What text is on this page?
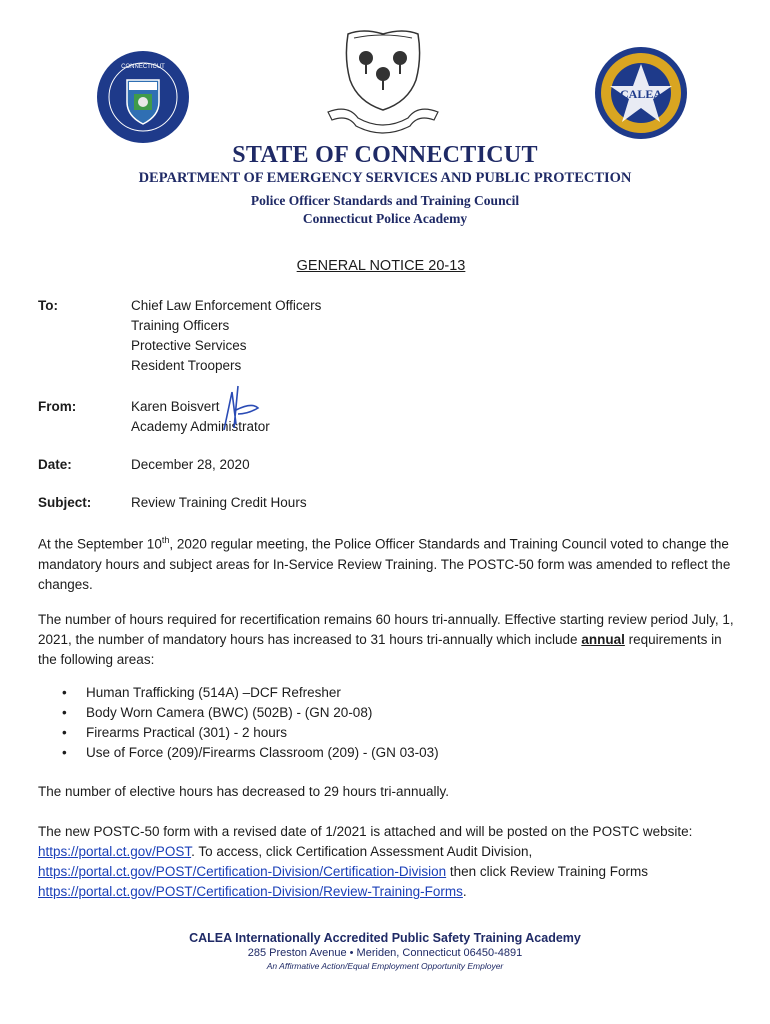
CONNECTICUT
CALEA
STATE OF CONNECTICUT
DEPARTMENT OF EMERGENCY SERVICES AND PUBLIC PROTECTION
Police Officer Standards and Training Council
Connecticut Police Academy
GENERAL NOTICE 20-13
To:	Chief Law Enforcement Officers
Training Officers
Protective Services
Resident Troopers
From:	Karen Boisvert
Academy Administrator
Date:	December 28, 2020
Subject:	Review Training Credit Hours

At the September 10th, 2020 regular meeting, the Police Officer Standards and Training Council voted to change the mandatory hours and subject areas for In-Service Review Training. The POSTC-50 form was amended to reflect the changes.

The number of hours required for recertification remains 60 hours tri-annually. Effective starting review period July, 1, 2021, the number of mandatory hours has increased to 31 hours tri-annually which include annual requirements in the following areas:

• Human Trafficking (514A) –DCF Refresher
• Body Worn Camera (BWC) (502B) - (GN 20-08)
• Firearms Practical (301) - 2 hours
• Use of Force (209)/Firearms Classroom (209) - (GN 03-03)

The number of elective hours has decreased to 29 hours tri-annually.

The new POSTC-50 form with a revised date of 1/2021 is attached and will be posted on the POSTC website: https://portal.ct.gov/POST. To access, click Certification Assessment Audit Division,
https://portal.ct.gov/POST/Certification-Division/Certification-Division then click Review Training Forms
https://portal.ct.gov/POST/Certification-Division/Review-Training-Forms.

CALEA Internationally Accredited Public Safety Training Academy
285 Preston Avenue • Meriden, Connecticut 06450-4891
An Affirmative Action/Equal Employment Opportunity Employer
